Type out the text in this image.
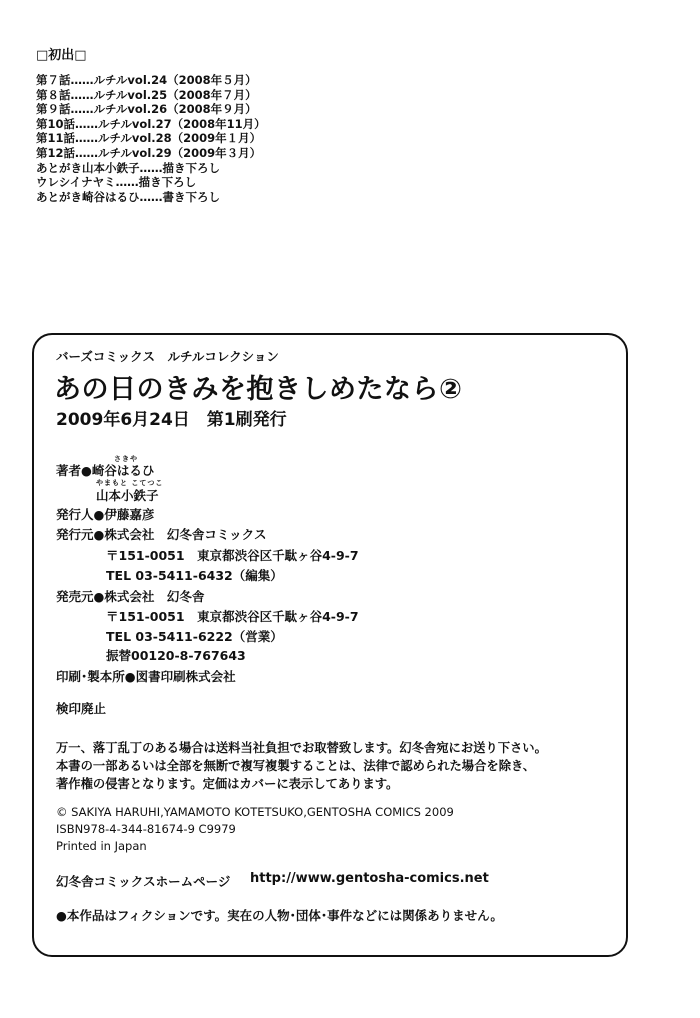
□初出□
第７話……ルチルvol.24（2008年５月）
第８話……ルチルvol.25（2008年７月）
第９話……ルチルvol.26（2008年９月）
第10話……ルチルvol.27（2008年11月）
第11話……ルチルvol.28（2009年１月）
第12話……ルチルvol.29（2009年３月）
あとがき山本小鉄子……描き下ろし
ウレシイナヤミ……描き下ろし
あとがき崎谷はるひ……書き下ろし
バーズコミックス　ルチルコレクション
あの日のきみを抱きしめたなら②
2009年6月24日　第1刷発行
さきや
著者●崎谷はるひ
やまもと こてつこ
山本小鉄子
発行人●伊藤嘉彦
発行元●株式会社　幻冬舎コミックス
〒151-0051　東京都渋谷区千駄ヶ谷4-9-7
TEL 03-5411-6432（編集）
発売元●株式会社　幻冬舎
〒151-0051　東京都渋谷区千駄ヶ谷4-9-7
TEL 03-5411-6222（営業）
振替00120-8-767643
印刷･製本所●図書印刷株式会社
検印廃止
万一、落丁乱丁のある場合は送料当社負担でお取替致します。幻冬舎宛にお送り下さい。
本書の一部あるいは全部を無断で複写複製することは、法律で認められた場合を除き、
著作権の侵害となります。定価はカバーに表示してあります。
© SAKIYA HARUHI,YAMAMOTO KOTETSUKO,GENTOSHA COMICS 2009
ISBN978-4-344-81674-9 C9979
Printed in Japan
幻冬舎コミックスホームページ http://www.gentosha-comics.net
●本作品はフィクションです。実在の人物･団体･事件などには関係ありません。
